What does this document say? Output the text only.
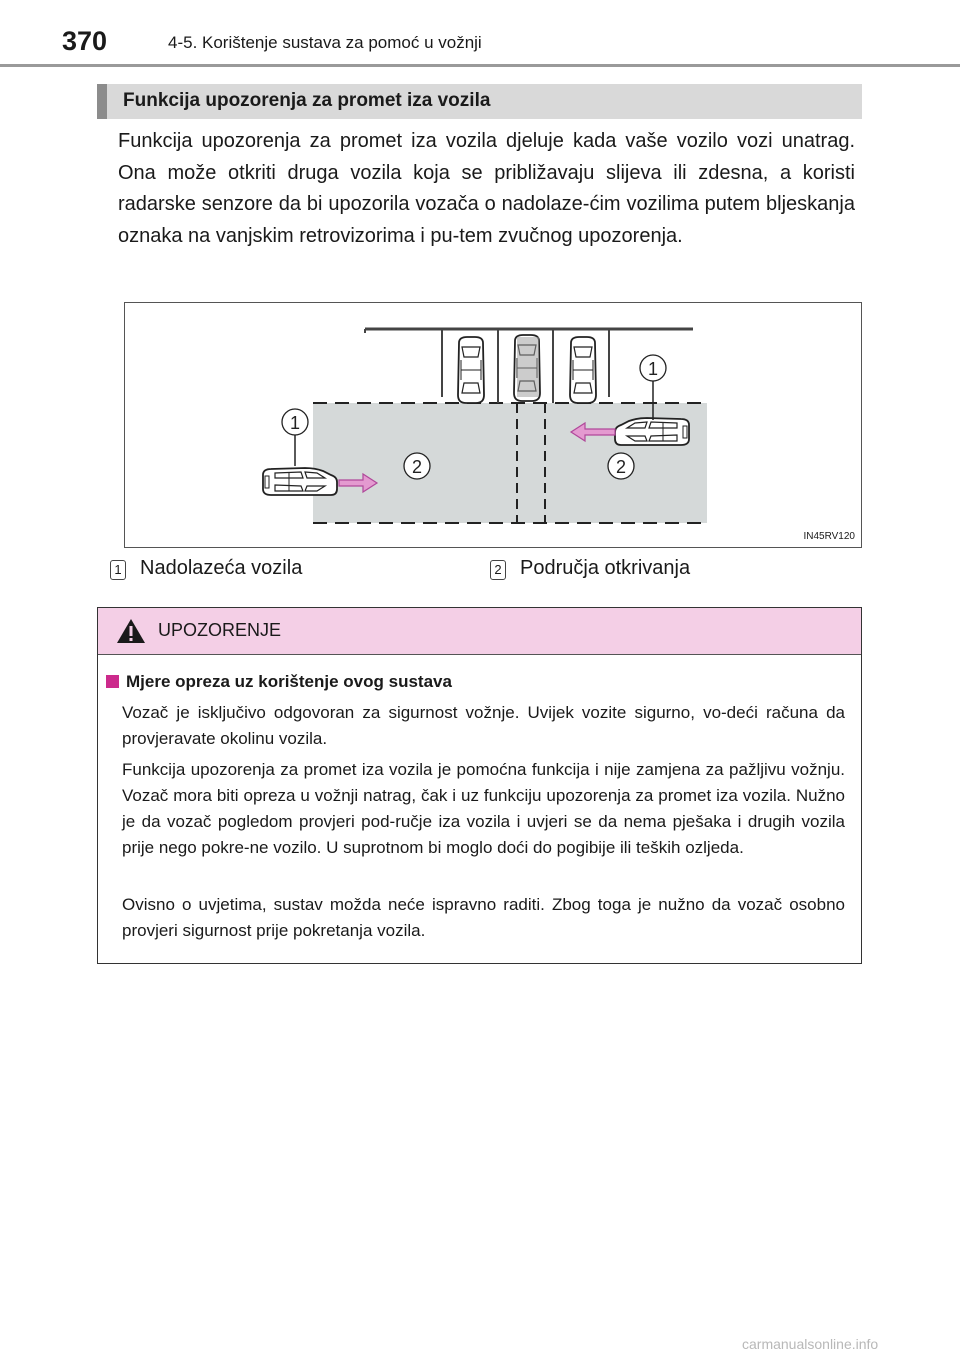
370	4-5. Korištenje sustava za pomoć u vožnji
Funkcija upozorenja za promet iza vozila
Funkcija upozorenja za promet iza vozila djeluje kada vaše vozilo vozi unatrag. Ona može otkriti druga vozila koja se približavaju slijeva ili zdesna, a koristi radarske senzore da bi upozorila vozača o nadolaze-ćim vozilima putem bljeskanja oznaka na vanjskim retrovizorima i pu-tem zvučnog upozorenja.
1
1
2	2
IN45RV120
1 Nadolazeća vozila	2 Područja otkrivanja
UPOZORENJE
Mjere opreza uz korištenje ovog sustava
Vozač je isključivo odgovoran za sigurnost vožnje. Uvijek vozite sigurno, vo-deći računa da provjeravate okolinu vozila.
Funkcija upozorenja za promet iza vozila je pomoćna funkcija i nije zamjena za pažljivu vožnju. Vozač mora biti opreza u vožnji natrag, čak i uz funkciju upozorenja za promet iza vozila. Nužno je da vozač pogledom provjeri pod-ručje iza vozila i uvjeri se da nema pješaka i drugih vozila prije nego pokre-ne vozilo. U suprotnom bi moglo doći do pogibije ili teških ozljeda.
Ovisno o uvjetima, sustav možda neće ispravno raditi. Zbog toga je nužno da vozač osobno provjeri sigurnost prije pokretanja vozila.
carmanualsonline.info
